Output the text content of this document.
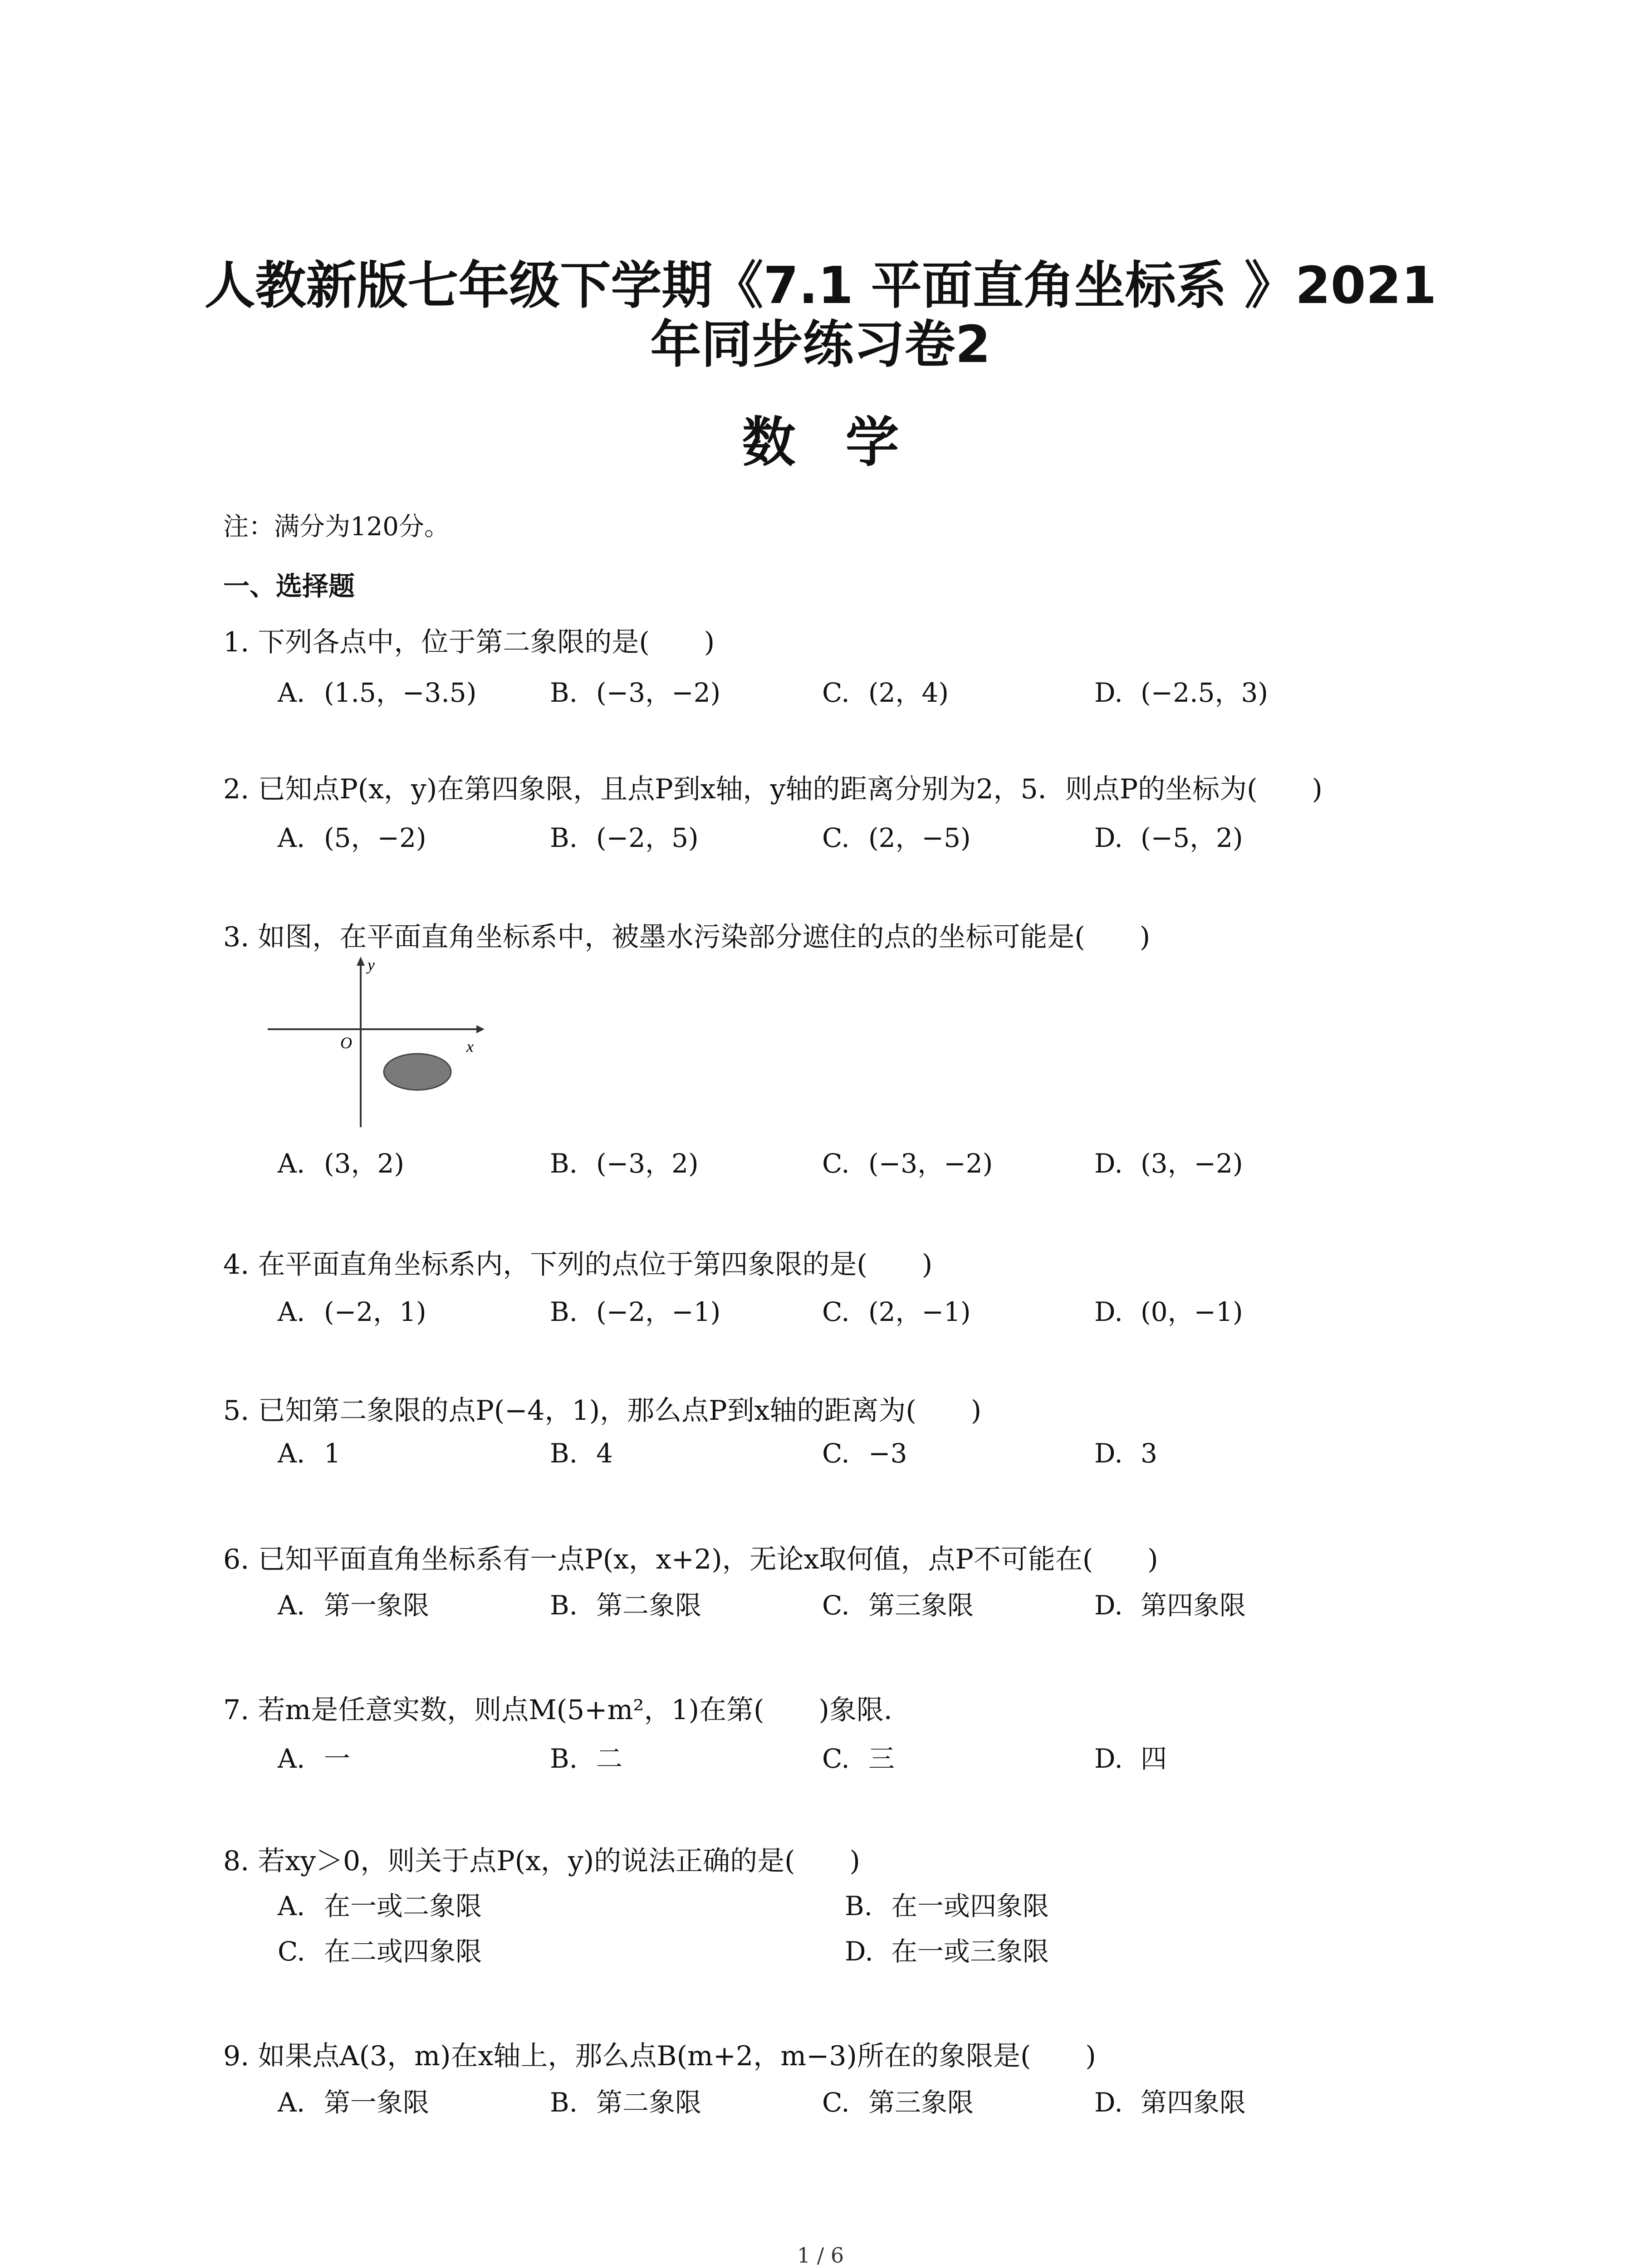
人教新版七年级下学期《7.1 平面直角坐标系 》2021
年同步练习卷2
数学
注：满分为120分。
一、选择题
1. 下列各点中，位于第二象限的是(　　)
A. (1.5，−3.5)	B. (−3，−2)	C. (2，4)	D. (−2.5，3)
2. 已知点P(x，y)在第四象限，且点P到x轴，y轴的距离分别为2，5．则点P的坐标为(　　)
A. (5，−2)	B. (−2，5)	C. (2，−5)	D. (−5，2)
3. 如图，在平面直角坐标系中，被墨水污染部分遮住的点的坐标可能是(　　)
y
x
O
A. (3，2)	B. (−3，2)	C. (−3，−2)	D. (3，−2)
4. 在平面直角坐标系内，下列的点位于第四象限的是(　　)
A. (−2，1)	B. (−2，−1)	C. (2，−1)	D. (0，−1)
5. 已知第二象限的点P(−4，1)，那么点P到x轴的距离为(　　)
A. 1	B. 4	C. −3	D. 3
6. 已知平面直角坐标系有一点P(x，x+2)，无论x取何值，点P不可能在(　　)
A. 第一象限	B. 第二象限	C. 第三象限	D. 第四象限
7. 若m是任意实数，则点M(5+m²，1)在第(　　)象限．
A. 一	B. 二	C. 三	D. 四
8. 若xy＞0，则关于点P(x，y)的说法正确的是(　　)
A. 在一或二象限	B. 在一或四象限
C. 在二或四象限	D. 在一或三象限
9. 如果点A(3，m)在x轴上，那么点B(m+2，m−3)所在的象限是(　　)
A. 第一象限	B. 第二象限	C. 第三象限	D. 第四象限
1 / 6
